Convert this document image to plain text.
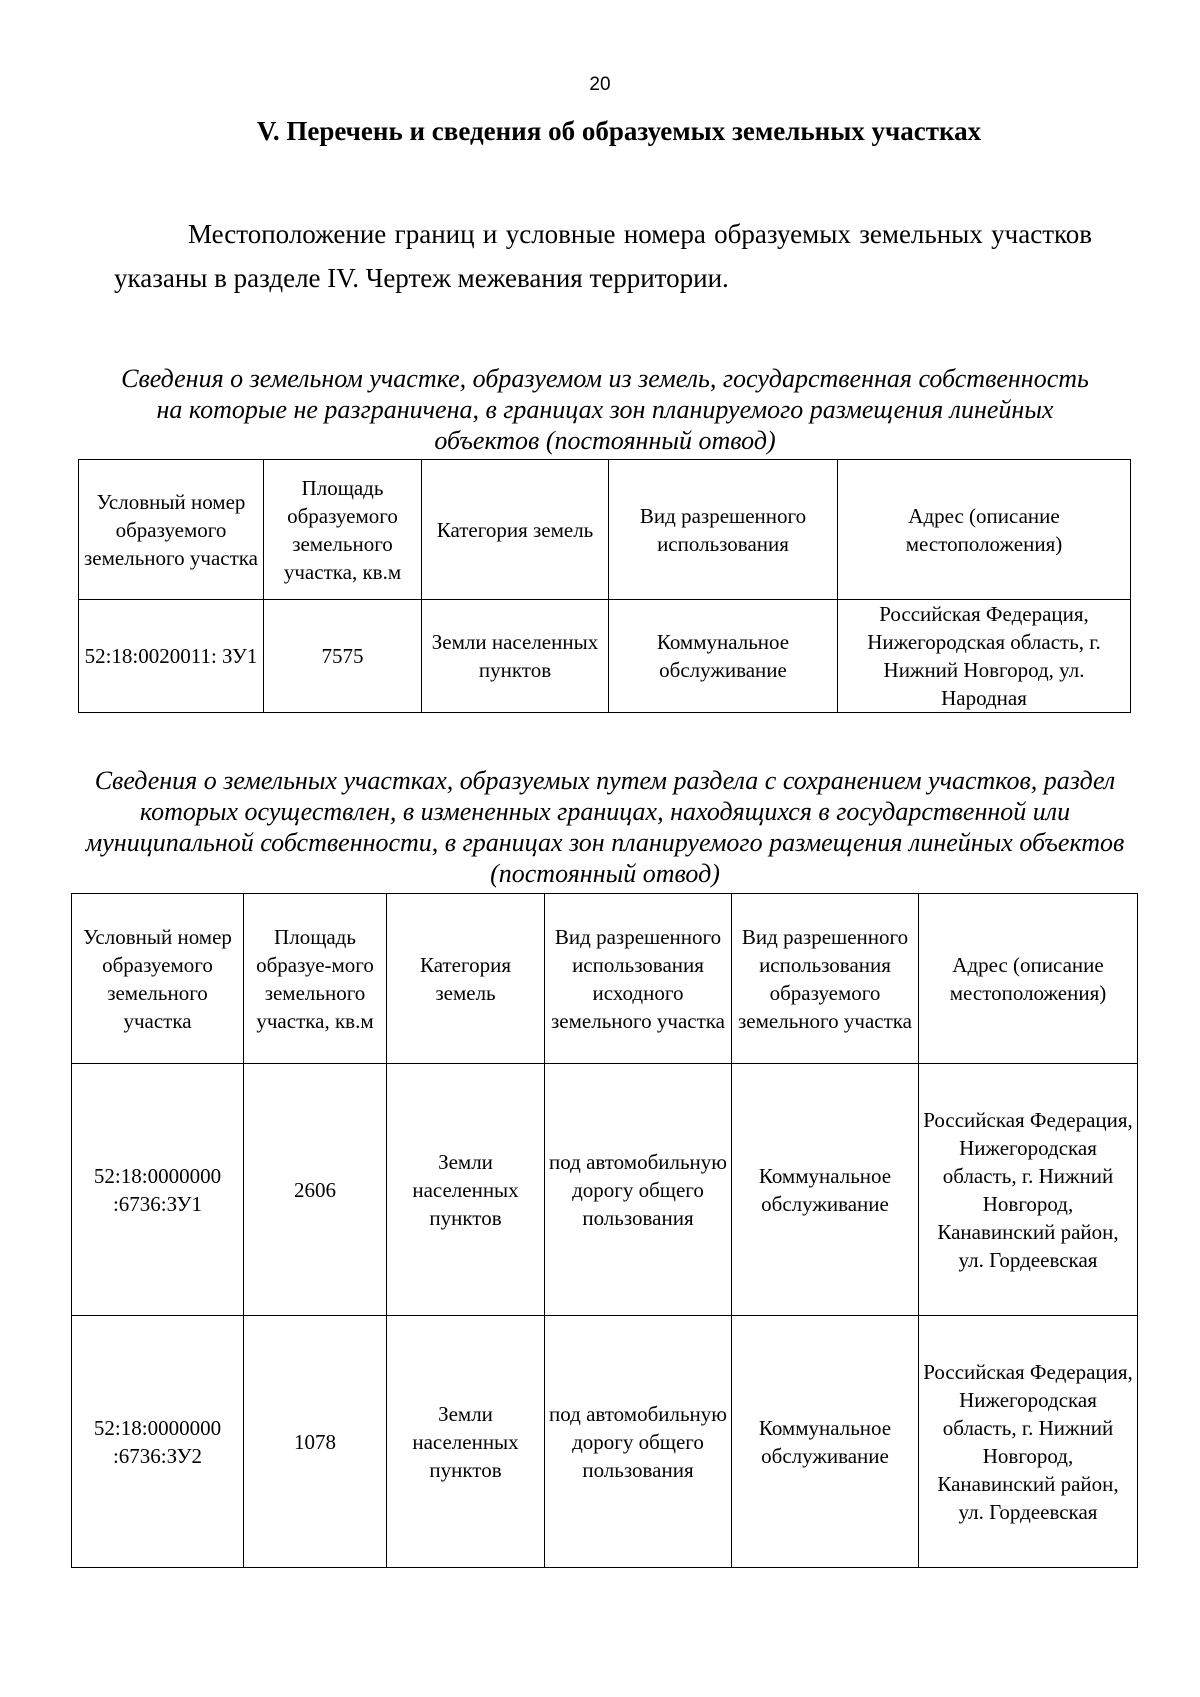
20
V. Перечень и сведения об образуемых земельных участках

Местоположение границ и условные номера образуемых земельных участков указаны в разделе IV. Чертеж межевания территории.

Сведения о земельном участке, образуемом из земель, государственная собственность на которые не разграничена, в границах зон планируемого размещения линейных объектов (постоянный отвод)

Условный номер образуемого земельного участка	Площадь образуемого земельного участка, кв.м	Категория земель	Вид разрешенного использования	Адрес (описание местоположения)
52:18:0020011: ЗУ1	7575	Земли населенных пунктов	Коммунальное обслуживание	Российская Федерация, Нижегородская область, г. Нижний Новгород, ул. Народная

Сведения о земельных участках, образуемых путем раздела с сохранением участков, раздел которых осуществлен, в измененных границах, находящихся в государственной или муниципальной собственности, в границах зон планируемого размещения линейных объектов (постоянный отвод)

Условный номер образуемого земельного участка	Площадь образуе-мого земельного участка, кв.м	Категория земель	Вид разрешенного использования исходного земельного участка	Вид разрешенного использования образуемого земельного участка	Адрес (описание местоположения)
52:18:0000000 :6736:ЗУ1	2606	Земли населенных пунктов	под автомобильную дорогу общего пользования	Коммунальное обслуживание	Российская Федерация, Нижегородская область, г. Нижний Новгород, Канавинский район, ул. Гордеевская
52:18:0000000 :6736:ЗУ2	1078	Земли населенных пунктов	под автомобильную дорогу общего пользования	Коммунальное обслуживание	Российская Федерация, Нижегородская область, г. Нижний Новгород, Канавинский район, ул. Гордеевская
